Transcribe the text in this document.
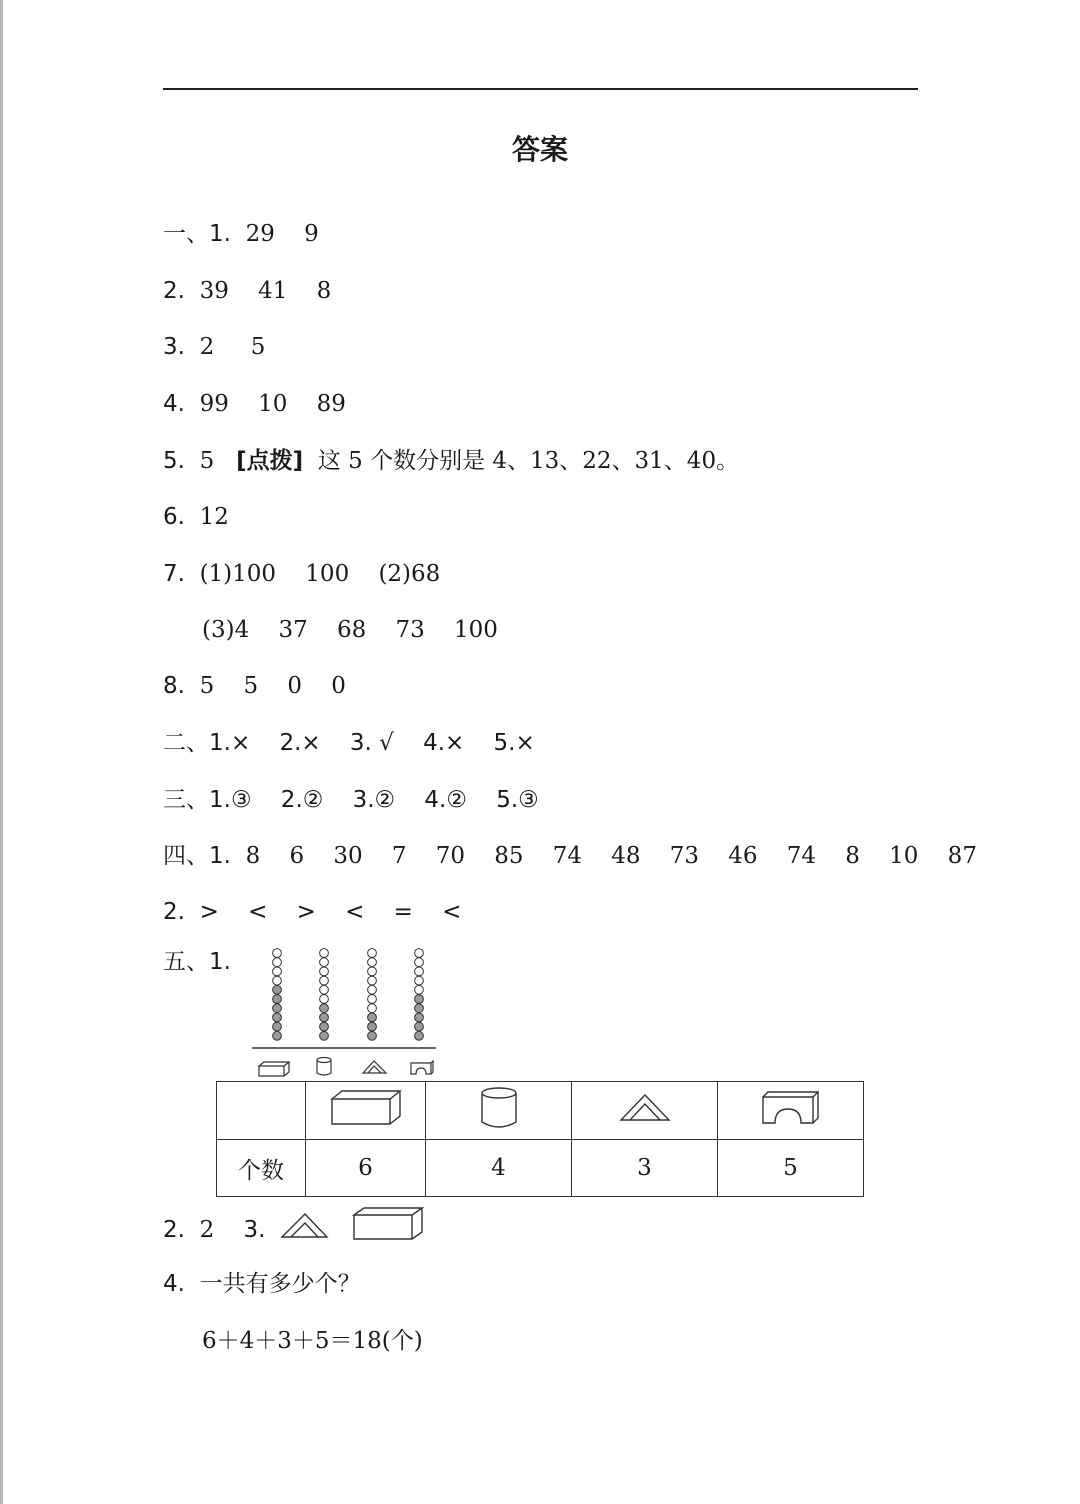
答案
一、1.  29    9
2.  39    41    8
3.  2     5
4.  99    10    89
5.  5   [点拨]  这 5 个数分别是 4、13、22、31、40。
6.  12
7.  (1)100    100    (2)68
(3)4    37    68    73    100
8.  5    5    0    0
二、1.×    2.×    3. √    4.×    5.×
三、1.③    2.②    3.②    4.②    5.③
四、1.  8    6    30    7    70    85    74    48    73    46    74    8    10    87
2.  >    <    >    <    =    <
五、1.

个数	6	4	3	5
2.  2 3.
4.  一共有多少个？
6＋4＋3＋5＝18(个)
